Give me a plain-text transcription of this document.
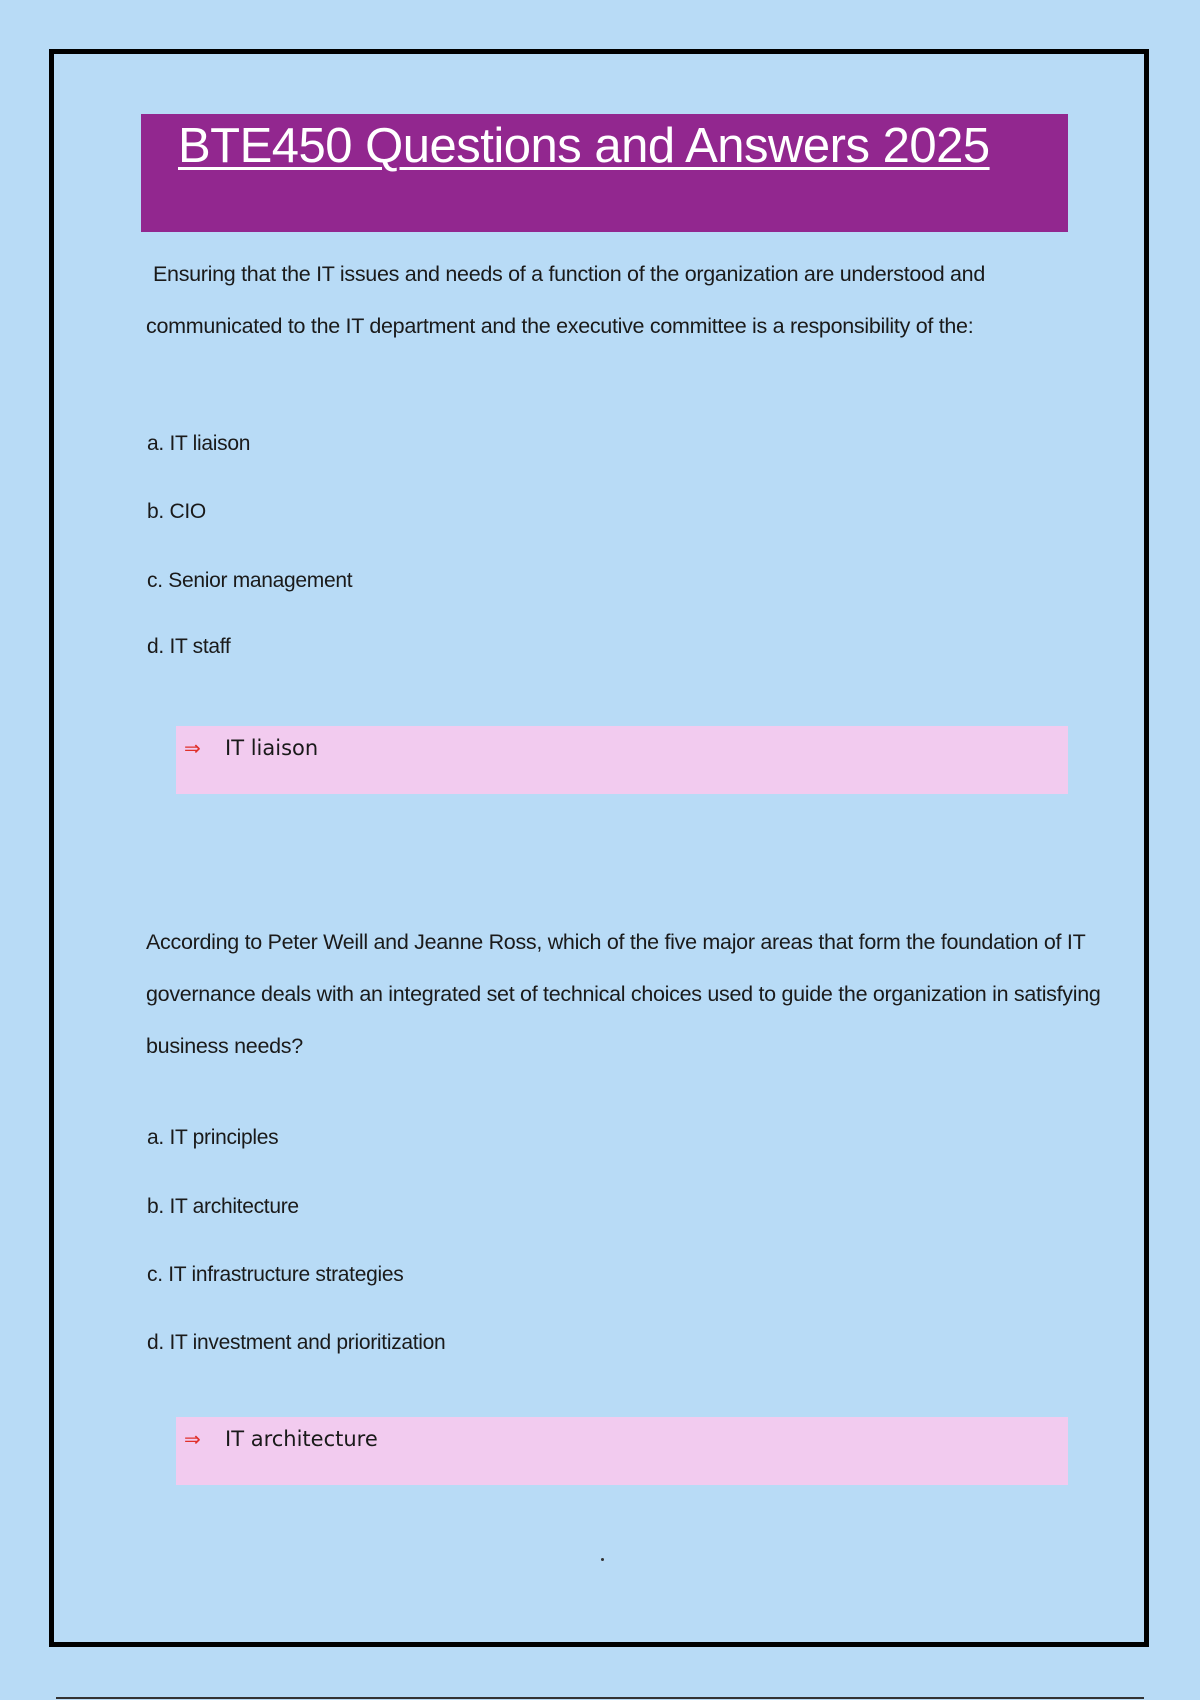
BTE450 Questions and Answers 2025

Ensuring that the IT issues and needs of a function of the organization are understood and communicated to the IT department and the executive committee is a responsibility of the:

a. IT liaison

b. CIO

c. Senior management

d. IT staff

⇒ IT liaison

According to Peter Weill and Jeanne Ross, which of the five major areas that form the foundation of IT governance deals with an integrated set of technical choices used to guide the organization in satisfying business needs?

a. IT principles

b. IT architecture

c. IT infrastructure strategies

d. IT investment and prioritization

⇒ IT architecture
